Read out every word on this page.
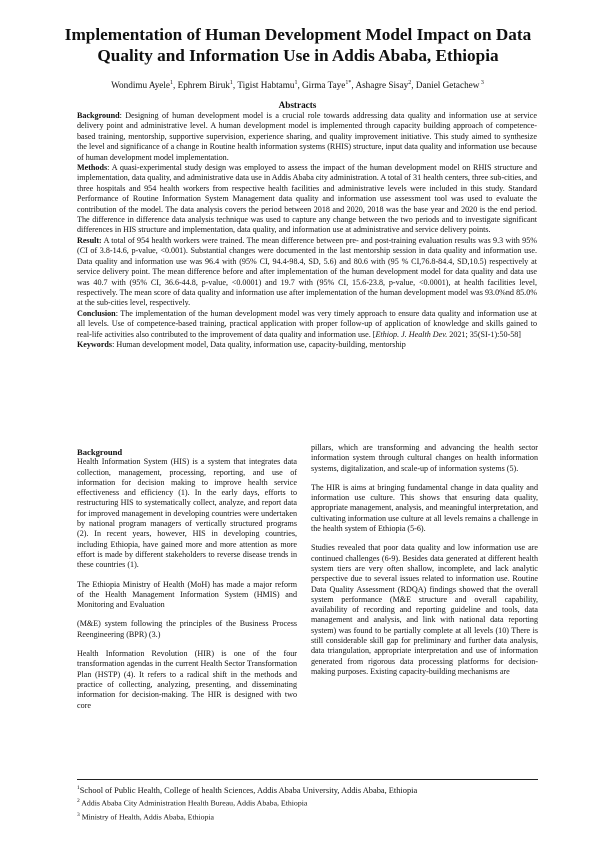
Implementation of Human Development Model Impact on Data Quality and Information Use in Addis Ababa, Ethiopia
Wondimu Ayele$^1$, Ephrem Biruk$^1$, Tigist Habtamu$^1$, Girma Taye$^{1*}$, Ashagre Sisay$^2$, Daniel Getachew $^3$
Abstracts

Background: Designing of human development model is a crucial role towards addressing data quality and information use at service delivery point and administrative level. A human development model is implemented through capacity building approach of competence-based training, mentorship, supportive supervision, experience sharing, and quality improvement initiative. This study aimed to synthesize the level and significance of a change in Routine health information systems (RHIS) structure, input data quality and information use because of human development model implementation.

Methods: A quasi-experimental study design was employed to assess the impact of the human development model on RHIS structure and implementation, data quality, and administrative data use in Addis Ababa city administration. A total of 31 health centers, three sub-cities, and three hospitals and 954 health workers from respective health facilities and administrative levels were included in this study. Standard Performance of Routine Information System Management data quality and information use assessment tool was used to evaluate the contribution of the model. The data analysis covers the period between 2018 and 2020, 2018 was the base year and 2020 is the end period. The difference in difference data analysis technique was used to capture any change between the two periods and to investigate significant differences in HIS structure and implementation, data quality, and information use at administrative and service delivery points.

Result: A total of 954 health workers were trained. The mean difference between pre- and post-training evaluation results was 9.3 with 95% (CI of 3.8-14.6, p-value, <0.001). Substantial changes were documented in the last mentorship session in data quality and information use. Data quality and information use was 96.4 with (95% CI, 94.4-98.4, SD, 5.6) and 80.6 with (95 % CI,76.8-84.4, SD,10.5) respectively at service delivery point. The mean difference before and after implementation of the human development model for data quality and data use was 40.7 with (95% CI, 36.6-44.8, p-value, <0.0001) and 19.7 with (95% CI, 15.6-23.8, p-value, <0.0001), at health facilities level, respectively. The mean score of data quality and information use after implementation of the human development model was 93.0%nd 85.0% at the sub-cities level, respectively.

Conclusion: The implementation of the human development model was very timely approach to ensure data quality and information use at all levels. Use of competence-based training, practical application with proper follow-up of application of knowledge and skills gained to real-life activities also contributed to the improvement of data quality and information use. [Ethiop. J. Health Dev. 2021; 35(SI-1):50-58]

Keywords: Human development model, Data quality, information use, capacity-building, mentorship

Background
Health Information System (HIS) is a system that integrates data collection, management, processing, reporting, and use of information for decision making to improve health service effectiveness and efficiency (1). In the early days, efforts to restructuring HIS to systematically collect, analyze, and report data for improved management in developing countries were undertaken by national program managers of vertically structured programs (2). In recent years, however, HIS in developing countries, including Ethiopia, have gained more and more attention as more effort is made by different stakeholders to reverse disease trends in these countries (1).

The Ethiopia Ministry of Health (MoH) has made a major reform of the Health Management Information System (HMIS) and Monitoring and Evaluation

(M&E) system following the principles of the Business Process Reengineering (BPR) (3.)

Health Information Revolution (HIR) is one of the four transformation agendas in the current Health Sector Transformation Plan (HSTP) (4). It refers to a radical shift in the methods and practice of collecting, analyzing, presenting, and disseminating information for decision-making. The HIR is designed with two core

pillars, which are transforming and advancing the health sector information system through cultural changes on health information systems, digitalization, and scale-up of information systems (5).

The HIR is aims at bringing fundamental change in data quality and information use culture. This shows that ensuring data quality, appropriate management, analysis, and meaningful interpretation, and cultivating information use culture at all levels remains a challenge in the health system of Ethiopia (5-6).

Studies revealed that poor data quality and low information use are continued challenges (6-9). Besides data generated at different health system tiers are very often shallow, incomplete, and lack analytic perspective due to several issues related to information use. Routine Data Quality Assessment (RDQA) findings showed that the overall system performance (M&E structure and overall capability, availability of recording and reporting guideline and tools, data management and analysis, and link with national data reporting system) was found to be partially complete at all levels (10) There is still considerable skill gap for preliminary and further data analysis, data triangulation, appropriate interpretation and use of information generated from rigorous data processing platforms for decision-making purposes. Existing capacity-building mechanisms are

$^1$School of Public Health, College of health Sciences, Addis Ababa University, Addis Ababa, Ethiopia
$^2$ Addis Ababa City Administration Health Bureau, Addis Ababa, Ethiopia
$^3$ Ministry of Health, Addis Ababa, Ethiopia
